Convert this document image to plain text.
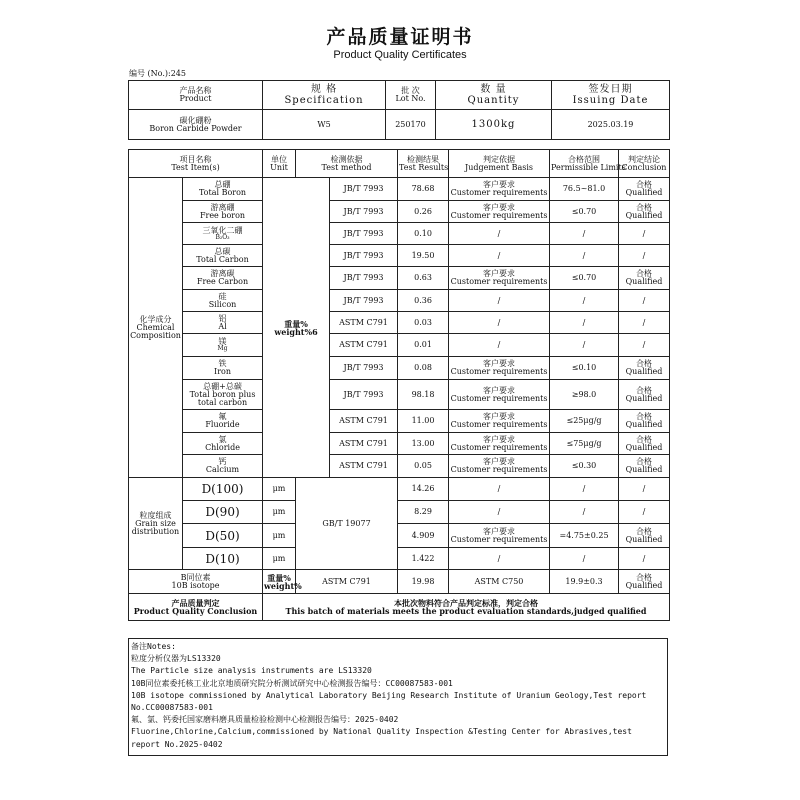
产品质量证明书
Product Quality Certificates
编号 (No.):245
产品名称
Product	规 格
Specification	批 次
Lot No.	数 量
Quantity	签发日期
Issuing Date

碳化硼粉
Boron Carbide Powder	W5	250170	1300kg	2025.03.19
项目名称
Test Item(s)		单位
Unit	检测依据
Test method		检测结果
Test Results	判定依据
Judgement Basis	合格范围
Permissible Limits	判定结论
Conclusion

化学成分
Chemical
Composition	总硼
Total Boron	重量%
weight%6		JB/T 7993	78.68	客户要求
Customer requirements	76.5~81.0	合格
Qualified

	游离硼
Free boron			JB/T 7993	0.26	客户要求
Customer requirements	≤0.70	合格
Qualified

	三氧化二硼
B₂O₃			JB/T 7993	0.10	/	/	/

	总碳
Total Carbon			JB/T 7993	19.50	/	/	/

	游离碳
Free Carbon			JB/T 7993	0.63	客户要求
Customer requirements	≤0.70	合格
Qualified

	硅
Silicon			JB/T 7993	0.36	/	/	/

	铝
Al			ASTM C791	0.03	/	/	/

	镁
Mg			ASTM C791	0.01	/	/	/

	铁
Iron			JB/T 7993	0.08	客户要求
Customer requirements	≤0.10	合格
Qualified

	总硼+总碳
Total boron plus
total carbon			JB/T 7993	98.18	客户要求
Customer requirements	≥98.0	合格
Qualified

	氟
Fluoride			ASTM C791	11.00	客户要求
Customer requirements	≤25μg/g	合格
Qualified

	氯
Chloride			ASTM C791	13.00	客户要求
Customer requirements	≤75μg/g	合格
Qualified

	钙
Calcium			ASTM C791	0.05	客户要求
Customer requirements	≤0.30	合格
Qualified

粒度组成
Grain size
distribution	D(100)	μm	GB/T 19077		14.26	/	/	/
	D(90)	μm			8.29	/	/	/
	D(50)	μm			4.909	客户要求
Customer requirements	=4.75±0.25	合格
Qualified

	D(10)	μm			1.422	/	/	/

B同位素
10B isotope		重量%
weight%	ASTM C791		19.98	ASTM C750	19.9±0.3	合格
Qualified

产品质量判定
Product Quality Conclusion		本批次物料符合产品判定标准，判定合格
This batch of materials meets the product evaluation standards,judged qualified						
备注Notes:
粒度分析仪器为LS13320
The Particle size analysis instruments are LS13320
10B同位素委托核工业北京地质研究院分析测试研究中心检测报告编号：CC00087583-001
10B isotope commissioned by Analytical Laboratory Beijing Research Institute of Uranium Geology,Test report
No.CC00087583-001
氟、氯、钙委托国家磨料磨具质量检验检测中心检测报告编号：2025-0402
Fluorine,Chlorine,Calcium,commissioned by National Quality Inspection &Testing Center for Abrasives,test
report No.2025-0402
